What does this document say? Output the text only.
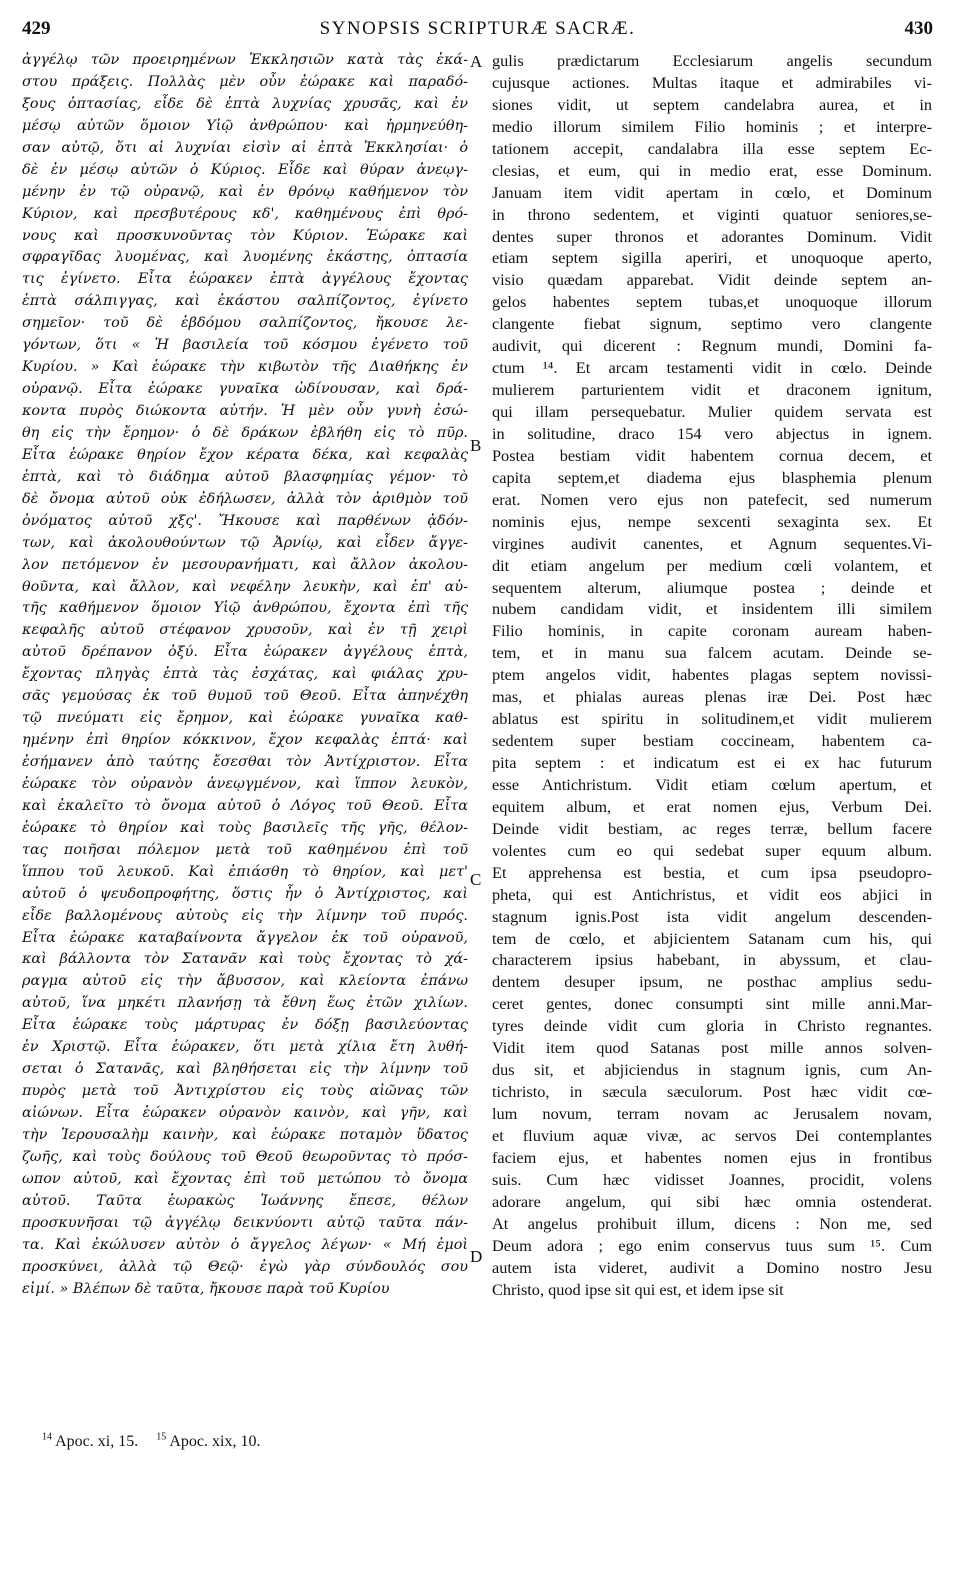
429	SYNOPSIS SCRIPTURÆ SACRÆ.	430
ἀγγέλῳ τῶν προειρημένων Ἐκκλησιῶν κατὰ τὰς ἑκά-
στου πράξεις. Πολλὰς μὲν οὖν ἑώρακε καὶ παραδό-
ξους ὀπτασίας, εἶδε δὲ ἑπτὰ λυχνίας χρυσᾶς, καὶ ἐν
μέσῳ αὐτῶν ὅμοιον Υἱῷ ἀνθρώπου· καὶ ἡρμηνεύθη-
σαν αὐτῷ, ὅτι αἱ λυχνίαι εἰσὶν αἱ ἑπτὰ Ἐκκλησίαι· ὁ
δὲ ἐν μέσῳ αὐτῶν ὁ Κύριος. Εἶδε καὶ θύραν ἀνεῳγ-
μένην ἐν τῷ οὐρανῷ, καὶ ἐν θρόνῳ καθήμενον τὸν
Κύριον, καὶ πρεσβυτέρους κδ', καθημένους ἐπὶ θρό-
νους καὶ προσκυνοῦντας τὸν Κύριον. Ἑώρακε καὶ
σφραγῖδας λυομένας, καὶ λυομένης ἑκάστης, ὀπτασία
τις ἐγίνετο. Εἶτα ἑώρακεν ἑπτὰ ἀγγέλους ἔχοντας
ἑπτὰ σάλπιγγας, καὶ ἑκάστου σαλπίζοντος, ἐγίνετο
σημεῖον· τοῦ δὲ ἑβδόμου σαλπίζοντος, ἤκουσε λε-
γόντων, ὅτι « Ἡ βασιλεία τοῦ κόσμου ἐγένετο τοῦ
Κυρίου. » Καὶ ἑώρακε τὴν κιβωτὸν τῆς Διαθήκης ἐν
οὐρανῷ. Εἶτα ἑώρακε γυναῖκα ὠδίνουσαν, καὶ δρά-
κοντα πυρὸς διώκοντα αὐτήν. Ἡ μὲν οὖν γυνὴ ἐσώ-
θη εἰς τὴν ἔρημον· ὁ δὲ δράκων ἐβλήθη εἰς τὸ πῦρ.
Εἶτα ἑώρακε θηρίον ἔχον κέρατα δέκα, καὶ κεφαλὰς
ἑπτὰ, καὶ τὸ διάδημα αὐτοῦ βλασφημίας γέμον· τὸ
δὲ ὄνομα αὐτοῦ οὐκ ἐδήλωσεν, ἀλλὰ τὸν ἀριθμὸν τοῦ
ὀνόματος αὐτοῦ χξς'. Ἤκουσε καὶ παρθένων ᾀδόν-
των, καὶ ἀκολουθούντων τῷ Ἀρνίῳ, καὶ εἶδεν ἄγγε-
λον πετόμενον ἐν μεσουρανήματι, καὶ ἄλλον ἀκολου-
θοῦντα, καὶ ἄλλον, καὶ νεφέλην λευκὴν, καὶ ἐπ' αὐ-
τῆς καθήμενον ὅμοιον Υἱῷ ἀνθρώπου, ἔχοντα ἐπὶ τῆς
κεφαλῆς αὐτοῦ στέφανον χρυσοῦν, καὶ ἐν τῇ χειρὶ
αὐτοῦ δρέπανον ὀξύ. Εἶτα ἑώρακεν ἀγγέλους ἑπτὰ,
ἔχοντας πληγὰς ἑπτὰ τὰς ἐσχάτας, καὶ φιάλας χρυ-
σᾶς γεμούσας ἐκ τοῦ θυμοῦ τοῦ Θεοῦ. Εἶτα ἀπηνέχθη
τῷ πνεύματι εἰς ἔρημον, καὶ ἑώρακε γυναῖκα καθ-
ημένην ἐπὶ θηρίον κόκκινον, ἔχον κεφαλὰς ἑπτά· καὶ
ἐσήμανεν ἀπὸ ταύτης ἔσεσθαι τὸν Ἀντίχριστον. Εἶτα
ἑώρακε τὸν οὐρανὸν ἀνεῳγμένον, καὶ ἵππον λευκὸν,
καὶ ἐκαλεῖτο τὸ ὄνομα αὐτοῦ ὁ Λόγος τοῦ Θεοῦ. Εἶτα
ἑώρακε τὸ θηρίον καὶ τοὺς βασιλεῖς τῆς γῆς, θέλον-
τας ποιῆσαι πόλεμον μετὰ τοῦ καθημένου ἐπὶ τοῦ
ἵππου τοῦ λευκοῦ. Καὶ ἐπιάσθη τὸ θηρίον, καὶ μετ'
αὐτοῦ ὁ ψευδοπροφήτης, ὅστις ἦν ὁ Ἀντίχριστος, καὶ
εἶδε βαλλομένους αὐτοὺς εἰς τὴν λίμνην τοῦ πυρός.
Εἶτα ἑώρακε καταβαίνοντα ἄγγελον ἐκ τοῦ οὐρανοῦ,
καὶ βάλλοντα τὸν Σατανᾶν καὶ τοὺς ἔχοντας τὸ χά-
ραγμα αὐτοῦ εἰς τὴν ἄβυσσον, καὶ κλείοντα ἐπάνω
αὐτοῦ, ἵνα μηκέτι πλανήσῃ τὰ ἔθνη ἕως ἐτῶν χιλίων.
Εἶτα ἑώρακε τοὺς μάρτυρας ἐν δόξῃ βασιλεύοντας
ἐν Χριστῷ. Εἶτα ἑώρακεν, ὅτι μετὰ χίλια ἔτη λυθή-
σεται ὁ Σατανᾶς, καὶ βληθήσεται εἰς τὴν λίμνην τοῦ
πυρὸς μετὰ τοῦ Ἀντιχρίστου εἰς τοὺς αἰῶνας τῶν
αἰώνων. Εἶτα ἑώρακεν οὐρανὸν καινὸν, καὶ γῆν, καὶ
τὴν Ἱερουσαλὴμ καινὴν, καὶ ἑώρακε ποταμὸν ὕδατος
ζωῆς, καὶ τοὺς δούλους τοῦ Θεοῦ θεωροῦντας τὸ πρόσ-
ωπον αὐτοῦ, καὶ ἔχοντας ἐπὶ τοῦ μετώπου τὸ ὄνομα
αὐτοῦ. Ταῦτα ἑωρακὼς Ἰωάννης ἔπεσε, θέλων
προσκυνῆσαι τῷ ἀγγέλῳ δεικνύοντι αὐτῷ ταῦτα πάν-
τα. Καὶ ἐκώλυσεν αὐτὸν ὁ ἄγγελος λέγων· « Μή ἐμοὶ
προσκύνει, ἀλλὰ τῷ Θεῷ· ἐγὼ γὰρ σύνδουλός σου
εἰμί. » Βλέπων δὲ ταῦτα, ἤκουσε παρὰ τοῦ Κυρίου
gulis prædictarum Ecclesiarum angelis secundum
cujusque actiones. Multas itaque et admirabiles vi-
siones vidit, ut septem candelabra aurea, et in
medio illorum similem Filio hominis ; et interpre-
tationem accepit, candalabra illa esse septem Ec-
clesias, et eum, qui in medio erat, esse Dominum.
Januam item vidit apertam in cœlo, et Dominum
in throno sedentem, et viginti quatuor seniores,se-
dentes super thronos et adorantes Dominum. Vidit
etiam septem sigilla aperiri, et unoquoque aperto,
visio quædam apparebat. Vidit deinde septem an-
gelos habentes septem tubas,et unoquoque illorum
clangente fiebat signum, septimo vero clangente
audivit, qui dicerent : Regnum mundi, Domini fa-
ctum ¹⁴. Et arcam testamenti vidit in cœlo. Deinde
mulierem parturientem vidit et draconem ignitum,
qui illam persequebatur. Mulier quidem servata est
in solitudine, draco 154 vero abjectus in ignem.
Postea bestiam vidit habentem cornua decem, et
capita septem,et diadema ejus blasphemia plenum
erat. Nomen vero ejus non patefecit, sed numerum
nominis ejus, nempe sexcenti sexaginta sex. Et
virgines audivit canentes, et Agnum sequentes.Vi-
dit etiam angelum per medium cœli volantem, et
sequentem alterum, aliumque postea ; deinde et
nubem candidam vidit, et insidentem illi similem
Filio hominis, in capite coronam auream haben-
tem, et in manu sua falcem acutam. Deinde se-
ptem angelos vidit, habentes plagas septem novissi-
mas, et phialas aureas plenas iræ Dei. Post hæc
ablatus est spiritu in solitudinem,et vidit mulierem
sedentem super bestiam coccineam, habentem ca-
pita septem : et indicatum est ei ex hac futurum
esse Antichristum. Vidit etiam cœlum apertum, et
equitem album, et erat nomen ejus, Verbum Dei.
Deinde vidit bestiam, ac reges terræ, bellum facere
volentes cum eo qui sedebat super equum album.
Et apprehensa est bestia, et cum ipsa pseudopro-
pheta, qui est Antichristus, et vidit eos abjici in
stagnum ignis.Post ista vidit angelum descenden-
tem de cœlo, et abjicientem Satanam cum his, qui
characterem ipsius habebant, in abyssum, et clau-
dentem desuper ipsum, ne posthac amplius sedu-
ceret gentes, donec consumpti sint mille anni.Mar-
tyres deinde vidit cum gloria in Christo regnantes.
Vidit item quod Satanas post mille annos solven-
dus sit, et abjiciendus in stagnum ignis, cum An-
tichristo, in sæcula sæculorum. Post hæc vidit cœ-
lum novum, terram novam ac Jerusalem novam,
et fluvium aquæ vivæ, ac servos Dei contemplantes
faciem ejus, et habentes nomen ejus in frontibus
suis. Cum hæc vidisset Joannes, procidit, volens
adorare angelum, qui sibi hæc omnia ostenderat.
At angelus prohibuit illum, dicens : Non me, sed
Deum adora ; ego enim conservus tuus sum ¹⁵. Cum
autem ista videret, audivit a Domino nostro Jesu
Christo, quod ipse sit qui est, et idem ipse sit
A
B
C
D
$^{14}$ Apoc. xi, 15. $^{15}$ Apoc. xix, 10.
